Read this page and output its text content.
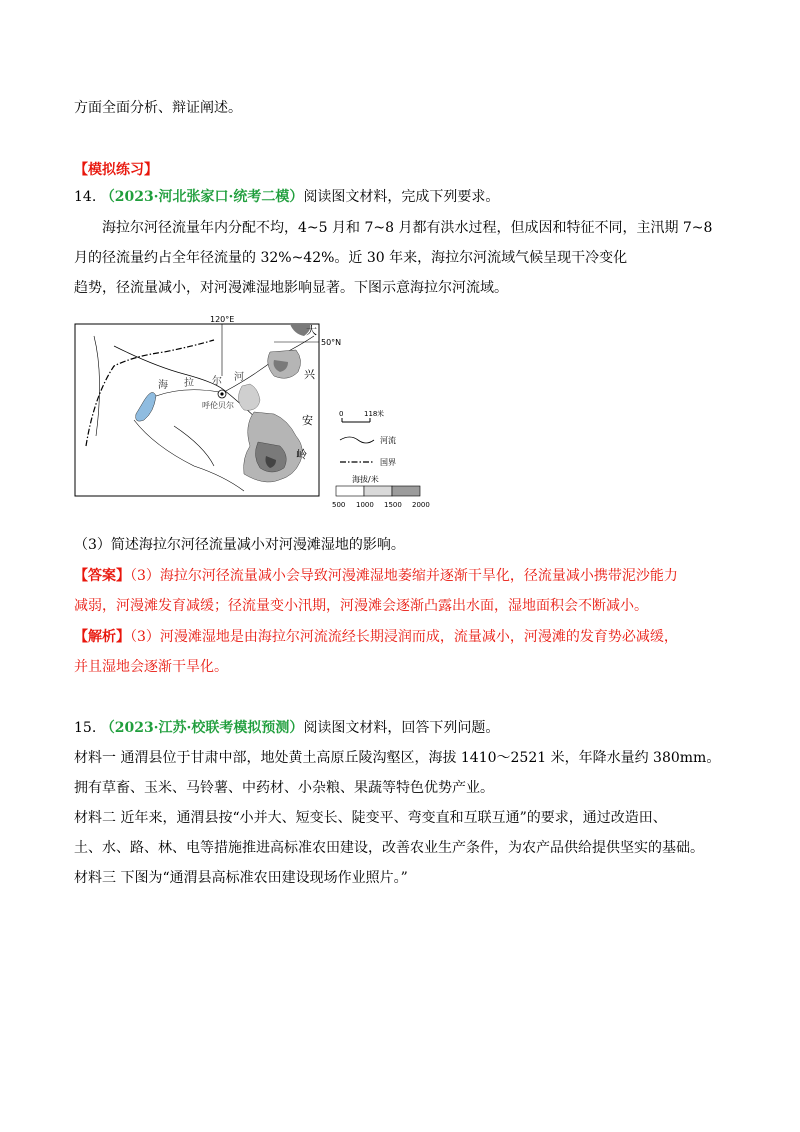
方面全面分析、辩证阐述。
【模拟练习】
14. （2023·河北张家口·统考二模）阅读图文材料，完成下列要求。
海拉尔河径流量年内分配不均，4~5 月和 7~8 月都有洪水过程，但成因和特征不同，主汛期 7~8
月的径流量约占全年径流量的 32%~42%。近 30 年来，海拉尔河流域气候呈现干冷变化
趋势，径流量减小，对河漫滩湿地影响显著。下图示意海拉尔河流域。
120°E
50°N
海 拉 尔 河
呼伦贝尔
大
兴
安
岭
0	118 米
河流
国界
海拔/米
500 1000 1500 2000
（3）简述海拉尔河径流量减小对河漫滩湿地的影响。
【答案】（3）海拉尔河径流量减小会导致河漫滩湿地萎缩并逐渐干旱化，径流量减小携带泥沙能力
减弱，河漫滩发育减缓；径流量变小汛期，河漫滩会逐渐凸露出水面，湿地面积会不断减小。
【解析】（3）河漫滩湿地是由海拉尔河流流经长期浸润而成，流量减小，河漫滩的发育势必减缓，
并且湿地会逐渐干旱化。
15. （2023·江苏·校联考模拟预测）阅读图文材料，回答下列问题。
材料一 通渭县位于甘肃中部，地处黄土高原丘陵沟壑区，海拔 1410～2521 米，年降水量约 380mm。
拥有草畜、玉米、马铃薯、中药材、小杂粮、果蔬等特色优势产业。
材料二 近年来，通渭县按“小并大、短变长、陡变平、弯变直和互联互通”的要求，通过改造田、
土、水、路、林、电等措施推进高标准农田建设，改善农业生产条件，为农产品供给提供坚实的基础。
材料三 下图为“通渭县高标准农田建设现场作业照片。”
